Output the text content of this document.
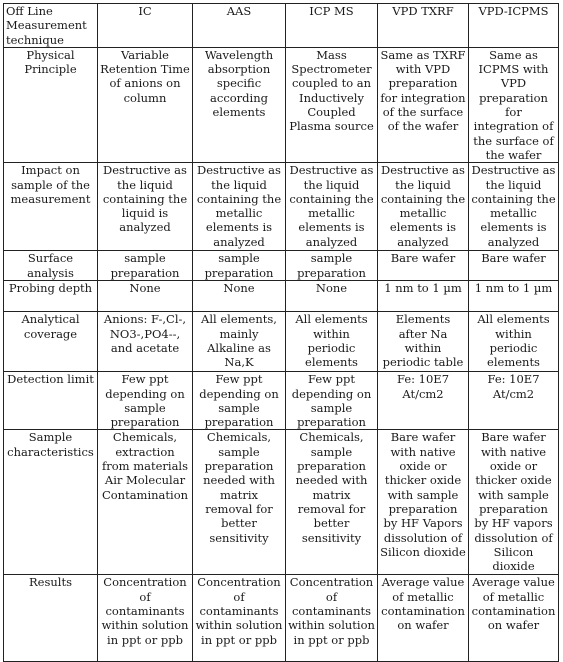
Off Line Measurement technique	IC	AAS	ICP MS	VPD TXRF	VPD-ICPMS
Physical Principle	Variable Retention Time of anions on column	Wavelength absorption specific according elements	Mass Spectrometer coupled to an Inductively Coupled Plasma source	Same as TXRF with VPD preparation for integration of the surface of the wafer	Same as ICPMS with VPD preparation for integration of the surface of the wafer
Impact on sample of the measurement	Destructive as the liquid containing the liquid is analyzed	Destructive as the liquid containing the metallic elements is analyzed	Destructive as the liquid containing the metallic elements is analyzed	Destructive as the liquid containing the metallic elements is analyzed	Destructive as the liquid containing the metallic elements is analyzed
Surface analysis	sample preparation	sample preparation	sample preparation	Bare wafer	Bare wafer
Probing depth	None	None	None	1 nm to 1 µm	1 nm to 1 µm
Analytical coverage	Anions: F-,Cl-, NO3-,PO4--, and acetate	All elements, mainly Alkaline as Na,K	All elements within periodic elements	Elements after Na within periodic table	All elements within periodic elements
Detection limit	Few ppt depending on sample preparation	Few ppt depending on sample preparation	Few ppt depending on sample preparation	Fe: 10E7 At/cm2	Fe: 10E7 At/cm2
Sample characteristics	Chemicals, extraction from materials Air Molecular Contamination	Chemicals, sample preparation needed with matrix removal for better sensitivity	Chemicals, sample preparation needed with matrix removal for better sensitivity	Bare wafer with native oxide or thicker oxide with sample preparation by HF Vapors dissolution of Silicon dioxide	Bare wafer with native oxide or thicker oxide with sample preparation by HF vapors dissolution of Silicon dioxide
Results	Concentration of contaminants within solution in ppt or ppb	Concentration of contaminants within solution in ppt or ppb	Concentration of contaminants within solution in ppt or ppb	Average value of metallic contamination on wafer	Average value of metallic contamination on wafer
